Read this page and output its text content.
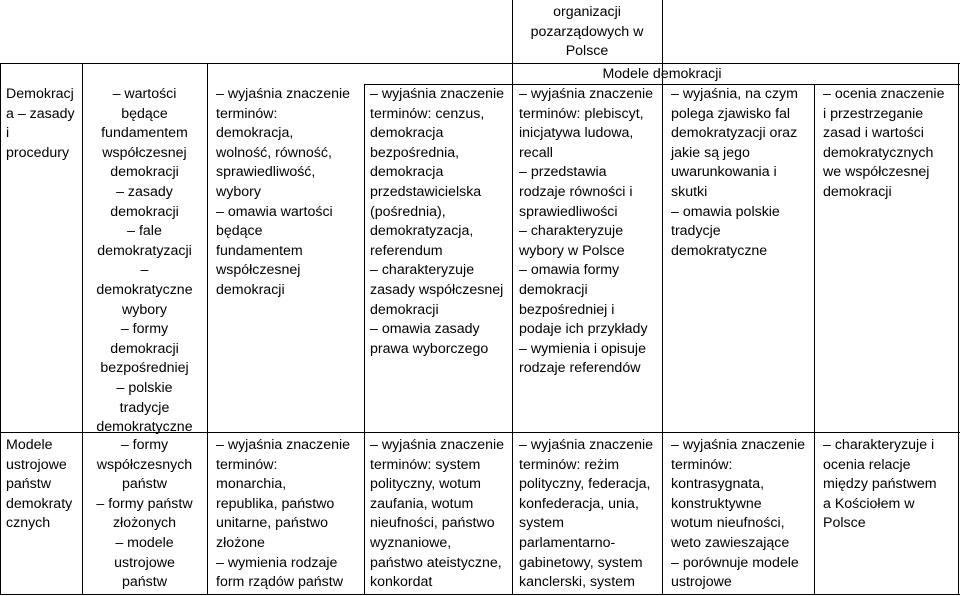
organizacji
pozarządowych w
Polsce
Modele demokracji
Demokracj
a – zasady
i
procedury
– wartości
będące
fundamentem
współczesnej
demokracji
– zasady
demokracji
– fale
demokratyzacji
–
demokratyczne
wybory
– formy
demokracji
bezpośredniej
– polskie
tradycje
demokratyczne
– wyjaśnia znaczenie
terminów:
demokracja,
wolność, równość,
sprawiedliwość,
wybory
– omawia wartości
będące
fundamentem
współczesnej
demokracji
– wyjaśnia znaczenie
terminów: cenzus,
demokracja
bezpośrednia,
demokracja
przedstawicielska
(pośrednia),
demokratyzacja,
referendum
– charakteryzuje
zasady współczesnej
demokracji
– omawia zasady
prawa wyborczego
– wyjaśnia znaczenie
terminów: plebiscyt,
inicjatywa ludowa,
recall
– przedstawia
rodzaje równości i
sprawiedliwości
– charakteryzuje
wybory w Polsce
– omawia formy
demokracji
bezpośredniej i
podaje ich przykłady
– wymienia i opisuje
rodzaje referendów
– wyjaśnia, na czym
polega zjawisko fal
demokratyzacji oraz
jakie są jego
uwarunkowania i
skutki
– omawia polskie
tradycje
demokratyczne
– ocenia znaczenie
i przestrzeganie
zasad i wartości
demokratycznych
we współczesnej
demokracji
Modele
ustrojowe
państw
demokraty
cznych
– formy
współczesnych
państw
– formy państw
złożonych
– modele
ustrojowe
państw
– wyjaśnia znaczenie
terminów:
monarchia,
republika, państwo
unitarne, państwo
złożone
– wymienia rodzaje
form rządów państw
– wyjaśnia znaczenie
terminów: system
polityczny, wotum
zaufania, wotum
nieufności, państwo
wyznaniowe,
państwo ateistyczne,
konkordat
– wyjaśnia znaczenie
terminów: reżim
polityczny, federacja,
konfederacja, unia,
system
parlamentarno-
gabinetowy, system
kanclerski, system
– wyjaśnia znaczenie
terminów:
kontrasygnata,
konstruktywne
wotum nieufności,
weto zawieszające
– porównuje modele
ustrojowe
– charakteryzuje i
ocenia relacje
między państwem
a Kościołem w
Polsce
